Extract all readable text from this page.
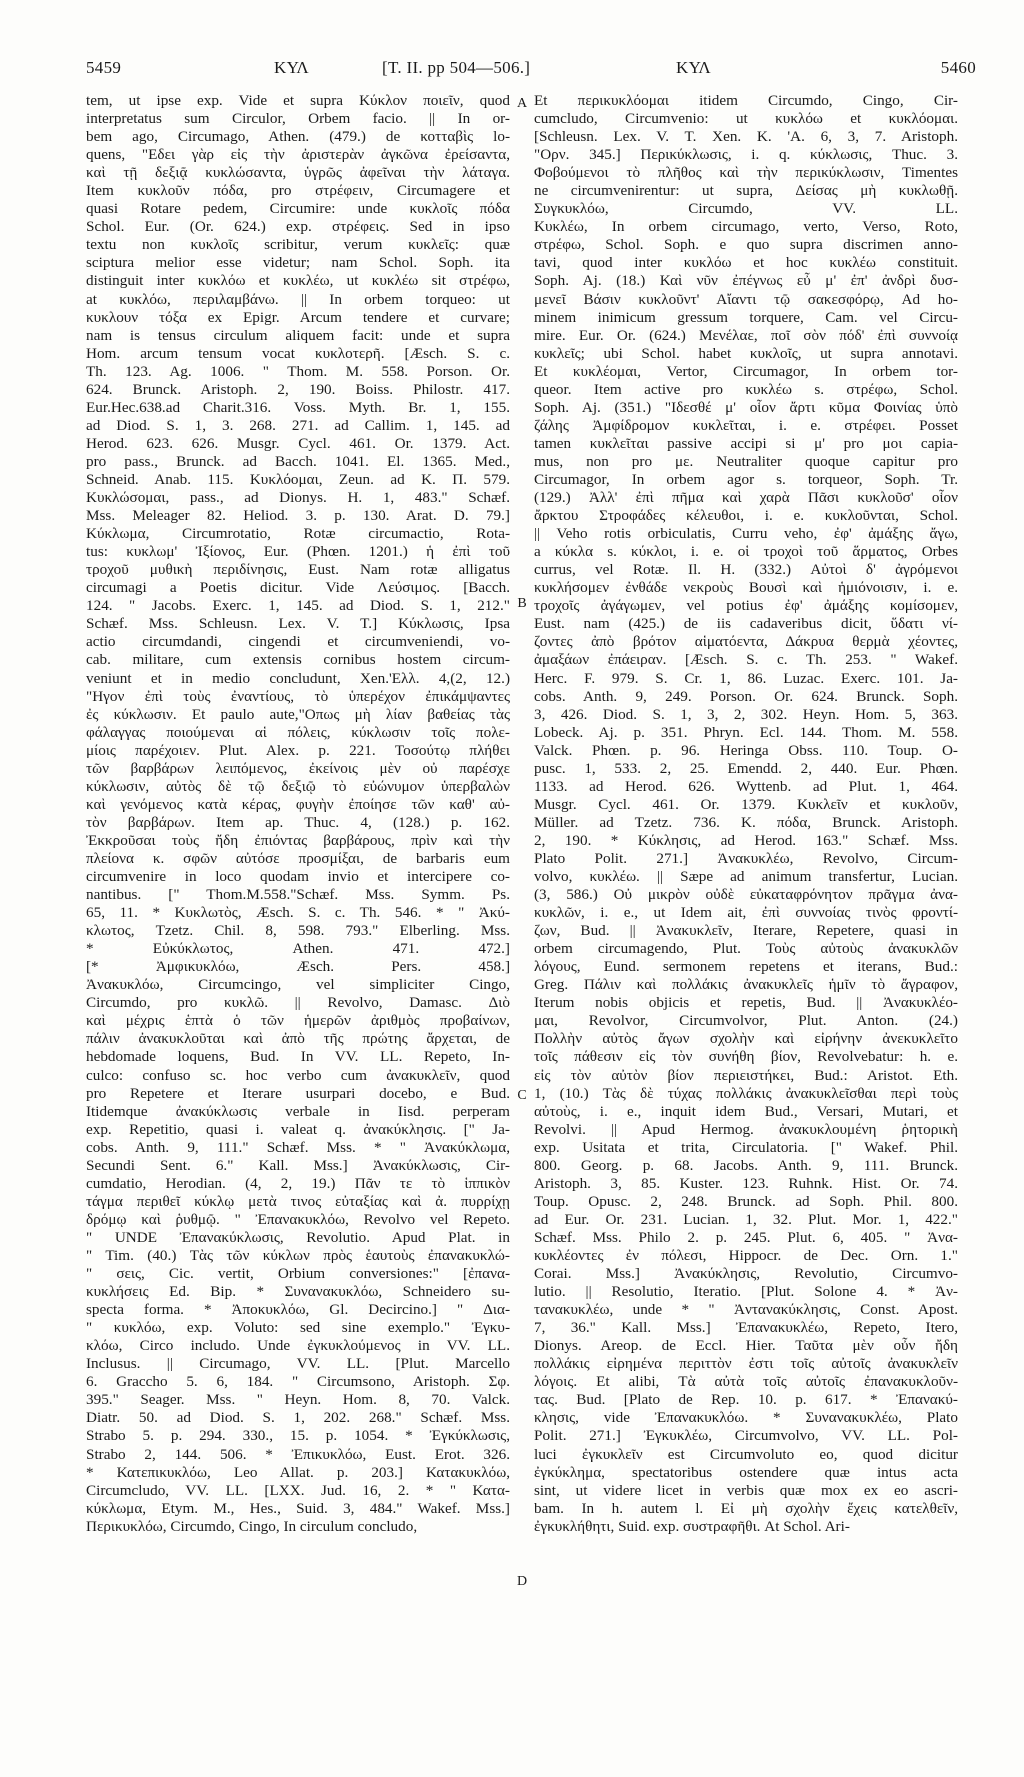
5459	ΚΥΛ	[T. II. pp 504—506.]	ΚΥΛ	5460
A
B
C
D
tem, ut ipse exp. Vide et supra Κύκλον ποιεῖν, quod
interpretatus sum Circulor, Orbem facio. || In or-
bem ago, Circumago, Athen. (479.) de κοτταβὶς lo-
quens, "Εδει γὰρ εἰς τὴν ἀριστερὰν ἀγκῶνα ἐρείσαντα,
καὶ τῇ δεξιᾷ κυκλώσαντα, ὑγρῶς ἀφεῖναι τὴν λάταγα.
Item κυκλοῦν πόδα, pro στρέφειν, Circumagere et
quasi Rotare pedem, Circumire: unde κυκλοῖς πόδα
Schol. Eur. (Or. 624.) exp. στρέφεις. Sed in ipso
textu non κυκλοῖς scribitur, verum κυκλεῖς: quæ
sciptura melior esse videtur; nam Schol. Soph. ita
distinguit inter κυκλόω et κυκλέω, ut κυκλέω sit στρέφω,
at κυκλόω, περιλαμβάνω. || In orbem torqueo: ut
κυκλουν τόξα ex Epigr. Arcum tendere et curvare;
nam is tensus circulum aliquem facit: unde et supra
Hom. arcum tensum vocat κυκλοτερῆ. [Æsch. S. c.
Th. 123. Ag. 1006. " Thom. M. 558. Porson. Or.
624. Brunck. Aristoph. 2, 190. Boiss. Philostr. 417.
Eur.Hec.638.ad Charit.316. Voss. Myth. Br. 1, 155.
ad Diod. S. 1, 3. 268. 271. ad Callim. 1, 145. ad
Herod. 623. 626. Musgr. Cycl. 461. Or. 1379. Act.
pro pass., Brunck. ad Bacch. 1041. El. 1365. Med.,
Schneid. Anab. 115. Κυκλόομαι, Zeun. ad K. Π. 579.
Κυκλώσομαι, pass., ad Dionys. H. 1, 483." Schæf.
Mss. Meleager 82. Heliod. 3. p. 130. Arat. D. 79.]
Κύκλωμα, Circumrotatio, Rotæ circumactio, Rota-
tus: κυκλωμ' Ἰξίονος, Eur. (Phœn. 1201.) ἡ ἐπὶ τοῦ
τροχοῦ μυθικὴ περιδίνησις, Eust. Nam rotæ alligatus
circumagi a Poetis dicitur. Vide Λεύσιμος. [Bacch.
124. " Jacobs. Exerc. 1, 145. ad Diod. S. 1, 212."
Schæf. Mss. Schleusn. Lex. V. T.] Κύκλωσις, Ipsa
actio circumdandi, cingendi et circumveniendi, vo-
cab. militare, cum extensis cornibus hostem circum-
veniunt et in medio concludunt, Xen.'Ελλ. 4,(2, 12.)
"Ηγον ἐπὶ τοὺς ἐναντίους, τὸ ὑπερέχον ἐπικάμψαντες
ἐς κύκλωσιν. Et paulo aute,"Οπως μὴ λίαν βαθείας τὰς
φάλαγγας ποιούμεναι αἱ πόλεις, κύκλωσιν τοῖς πολε-
μίοις παρέχοιεν. Plut. Alex. p. 221. Τοσούτῳ πλήθει
τῶν βαρβάρων λειπόμενος, ἐκείνοις μὲν οὐ παρέσχε
κύκλωσιν, αὐτὸς δὲ τῷ δεξιῷ τὸ εὐώνυμον ὑπερβαλὼν
καὶ γενόμενος κατὰ κέρας, φυγὴν ἐποίησε τῶν καθ' αὐ-
τὸν βαρβάρων. Item ap. Thuc. 4, (128.) p. 162.
Ἐκκροῦσαι τοὺς ἤδη ἐπιόντας βαρβάρους, πρὶν καὶ τὴν
πλείονα κ. σφῶν αὐτόσε προσμίξαι, de barbaris eum
circumvenire in loco quodam invio et intercipere co-
nantibus. [" Thom.M.558."Schæf. Mss. Symm. Ps.
65, 11. * Κυκλωτὸς, Æsch. S. c. Th. 546. * " Ἀκύ-
κλωτος, Tzetz. Chil. 8, 598. 793." Elberling. Mss.
* Εὐκύκλωτος, Athen. 471. 472.]
[* Ἀμφικυκλόω, Æsch. Pers. 458.]
Ἀνακυκλόω, Circumcingo, vel simpliciter Cingo,
Circumdo, pro κυκλῶ. || Revolvo, Damasc. Διὸ
καὶ μέχρις ἑπτὰ ὁ τῶν ἡμερῶν ἀριθμὸς προβαίνων,
πάλιν ἀνακυκλοῦται καὶ ἀπὸ τῆς πρώτης ἄρχεται, de
hebdomade loquens, Bud. In VV. LL. Repeto, In-
culco: confuso sc. hoc verbo cum ἀνακυκλεῖν, quod
pro Repetere et Iterare usurpari docebo, e Bud.
Itidemque ἀνακύκλωσις verbale in Iisd. perperam
exp. Repetitio, quasi i. valeat q. ἀνακύκλησις. [" Ja-
cobs. Anth. 9, 111." Schæf. Mss. * " Ἀνακύκλωμα,
Secundi Sent. 6." Kall. Mss.] Ἀνακύκλωσις, Cir-
cumdatio, Herodian. (4, 2, 19.) Πᾶν τε τὸ ἱππικὸν
τάγμα περιθεῖ κύκλῳ μετὰ τινος εὐταξίας καὶ ἀ. πυρρίχῃ
δρόμῳ καὶ ῥυθμῷ. " Ἐπανακυκλόω, Revolvo vel Repeto.
" UNDE Ἐπανακύκλωσις, Revolutio. Apud Plat. in
" Tim. (40.) Τὰς τῶν κύκλων πρὸς ἑαυτοὺς ἐπανακυκλώ-
" σεις, Cic. vertit, Orbium conversiones:" [ἐπανα-
κυκλήσεις Ed. Bip. * Συνανακυκλόω, Schneidero su-
specta forma. * Ἀποκυκλόω, Gl. Decircino.] " Δια-
" κυκλόω, exp. Voluto: sed sine exemplo." Ἐγκυ-
κλόω, Circo includo. Unde ἐγκυκλούμενος in VV. LL.
Inclusus. || Circumago, VV. LL. [Plut. Marcello
6. Graccho 5. 6, 184. " Circumsono, Aristoph. Σφ.
395." Seager. Mss. " Heyn. Hom. 8, 70. Valck.
Diatr. 50. ad Diod. S. 1, 202. 268." Schæf. Mss.
Strabo 5. p. 294. 330., 15. p. 1054. * Ἐγκύκλωσις,
Strabo 2, 144. 506. * Ἐπικυκλόω, Eust. Erot. 326.
* Κατεπικυκλόω, Leo Allat. p. 203.] Κατακυκλόω,
Circumcludo, VV. LL. [LXX. Jud. 16, 2. * " Κατα-
κύκλωμα, Etym. M., Hes., Suid. 3, 484." Wakef. Mss.]
Περικυκλόω, Circumdo, Cingo, In circulum concludo,
Et περικυκλόομαι itidem Circumdo, Cingo, Cir-
cumcludo, Circumvenio: ut κυκλόω et κυκλόομαι.
[Schleusn. Lex. V. T. Xen. K. 'A. 6, 3, 7. Aristoph.
"Ορν. 345.] Περικύκλωσις, i. q. κύκλωσις, Thuc. 3.
Φοβούμενοι τὸ πλῆθος καὶ τὴν περικύκλωσιν, Timentes
ne circumvenirentur: ut supra, Δείσας μὴ κυκλωθῇ.
Συγκυκλόω, Circumdo, VV. LL.
Κυκλέω, In orbem circumago, verto, Verso, Roto,
στρέφω, Schol. Soph. e quo supra discrimen anno-
tavi, quod inter κυκλόω et hoc κυκλέω constituit.
Soph. Aj. (18.) Καὶ νῦν ἐπέγνως εὖ μ' ἐπ' ἀνδρὶ δυσ-
μενεῖ Βάσιν κυκλοῦντ' Αἴαντι τῷ σακεσφόρῳ, Ad ho-
minem inimicum gressum torquere, Cam. vel Circu-
mire. Eur. Or. (624.) Μενέλαε, ποῖ σὸν πόδ' ἐπὶ συννοίᾳ
κυκλεῖς; ubi Schol. habet κυκλοῖς, ut supra annotavi.
Et κυκλέομαι, Vertor, Circumagor, In orbem tor-
queor. Item active pro κυκλέω s. στρέφω, Schol.
Soph. Aj. (351.) "Ιδεσθέ μ' οἷον ἄρτι κῦμα Φοινίας ὑπὸ
ζάλης Ἀμφίδρομον κυκλεῖται, i. e. στρέφει. Posset
tamen κυκλεῖται passive accipi si μ' pro μοι capia-
mus, non pro με. Neutraliter quoque capitur pro
Circumagor, In orbem agor s. torqueor, Soph. Tr.
(129.) Ἀλλ' ἐπὶ πῆμα καὶ χαρὰ Πᾶσι κυκλοῦσ' οἷον
ἄρκτου Στροφάδες κέλευθοι, i. e. κυκλοῦνται, Schol.
|| Veho rotis orbiculatis, Curru veho, ἐφ' ἀμάξης ἄγω,
a κύκλα s. κύκλοι, i. e. οἱ τροχοὶ τοῦ ἅρματος, Orbes
currus, vel Rotæ. Il. H. (332.) Αὐτοὶ δ' ἀγρόμενοι
κυκλήσομεν ἐνθάδε νεκροὺς Βουσὶ καὶ ἡμιόνοισιν, i. e.
τροχοῖς ἀγάγωμεν, vel potius ἐφ' ἀμάξης κομίσομεν,
Eust. nam (425.) de iis cadaveribus dicit, ὕδατι νί-
ζοντες ἀπὸ βρότον αἱματόεντα, Δάκρυα θερμὰ χέοντες,
ἀμαξάων ἐπάειραν. [Æsch. S. c. Th. 253. " Wakef.
Herc. F. 979. S. Cr. 1, 86. Luzac. Exerc. 101. Ja-
cobs. Anth. 9, 249. Porson. Or. 624. Brunck. Soph.
3, 426. Diod. S. 1, 3, 2, 302. Heyn. Hom. 5, 363.
Lobeck. Aj. p. 351. Phryn. Ecl. 144. Thom. M. 558.
Valck. Phœn. p. 96. Heringa Obss. 110. Toup. O-
pusc. 1, 533. 2, 25. Emendd. 2, 440. Eur. Phœn.
1133. ad Herod. 626. Wyttenb. ad Plut. 1, 464.
Musgr. Cycl. 461. Or. 1379. Κυκλεῖν et κυκλοῦν,
Müller. ad Tzetz. 736. K. πόδα, Brunck. Aristoph.
2, 190. * Κύκλησις, ad Herod. 163." Schæf. Mss.
Plato Polit. 271.] Ἀνακυκλέω, Revolvo, Circum-
volvo, κυκλέω. || Sæpe ad animum transfertur, Lucian.
(3, 586.) Οὐ μικρὸν οὐδὲ εὐκαταφρόνητον πρᾶγμα ἀνα-
κυκλῶν, i. e., ut Idem ait, ἐπὶ συννοίας τινὸς φροντί-
ζων, Bud. || Ἀνακυκλεῖν, Iterare, Repetere, quasi in
orbem circumagendo, Plut. Τοὺς αὐτοὺς ἀνακυκλῶν
λόγους, Eund. sermonem repetens et iterans, Bud.:
Greg. Πάλιν καὶ πολλάκις ἀνακυκλεῖς ἡμῖν τὸ ἄγραφον,
Iterum nobis objicis et repetis, Bud. || Ἀνακυκλέο-
μαι, Revolvor, Circumvolvor, Plut. Anton. (24.)
Πολλὴν αὐτὸς ἄγων σχολὴν καὶ εἰρήνην ἀνεκυκλεῖτο
τοῖς πάθεσιν εἰς τὸν συνήθη βίον, Revolvebatur: h. e.
εἰς τὸν αὐτὸν βίον περιειστήκει, Bud.: Aristot. Eth.
1, (10.) Τὰς δὲ τύχας πολλάκις ἀνακυκλεῖσθαι περὶ τοὺς
αὐτοὺς, i. e., inquit idem Bud., Versari, Mutari, et
Revolvi. || Apud Hermog. ἀνακυκλουμένη ῥητορικὴ
exp. Usitata et trita, Circulatoria. [" Wakef. Phil.
800. Georg. p. 68. Jacobs. Anth. 9, 111. Brunck.
Aristoph. 3, 85. Kuster. 123. Ruhnk. Hist. Or. 74.
Toup. Opusc. 2, 248. Brunck. ad Soph. Phil. 800.
ad Eur. Or. 231. Lucian. 1, 32. Plut. Mor. 1, 422."
Schæf. Mss. Philo 2. p. 245. Plut. 6, 405. " Ἀνα-
κυκλέοντες ἐν πόλεσι, Hippocr. de Dec. Orn. 1."
Corai. Mss.] Ἀνακύκλησις, Revolutio, Circumvo-
lutio. || Resolutio, Iteratio. [Plut. Solone 4. * Ἀν-
τανακυκλέω, unde * " Ἀντανακύκλησις, Const. Apost.
7, 36." Kall. Mss.] Ἐπανακυκλέω, Repeto, Itero,
Dionys. Areop. de Eccl. Hier. Ταῦτα μὲν οὖν ἤδη
πολλάκις εἰρημένα περιττὸν ἐστι τοῖς αὐτοῖς ἀνακυκλεῖν
λόγοις. Et alibi, Τὰ αὐτὰ τοῖς αὐτοῖς ἐπανακυκλοῦν-
τας. Bud. [Plato de Rep. 10. p. 617. * Ἐπανακύ-
κλησις, vide Ἐπανακυκλόω. * Συνανακυκλέω, Plato
Polit. 271.] Ἐγκυκλέω, Circumvolvo, VV. LL. Pol-
luci ἐγκυκλεῖν est Circumvoluto eo, quod dicitur
ἐγκύκλημα, spectatoribus ostendere quæ intus acta
sint, ut videre licet in verbis quæ mox ex eo ascri-
bam. In h. autem l. Εἰ μὴ σχολὴν ἔχεις κατελθεῖν,
ἐγκυκλήθητι, Suid. exp. συστραφῆθι. At Schol. Ari-
